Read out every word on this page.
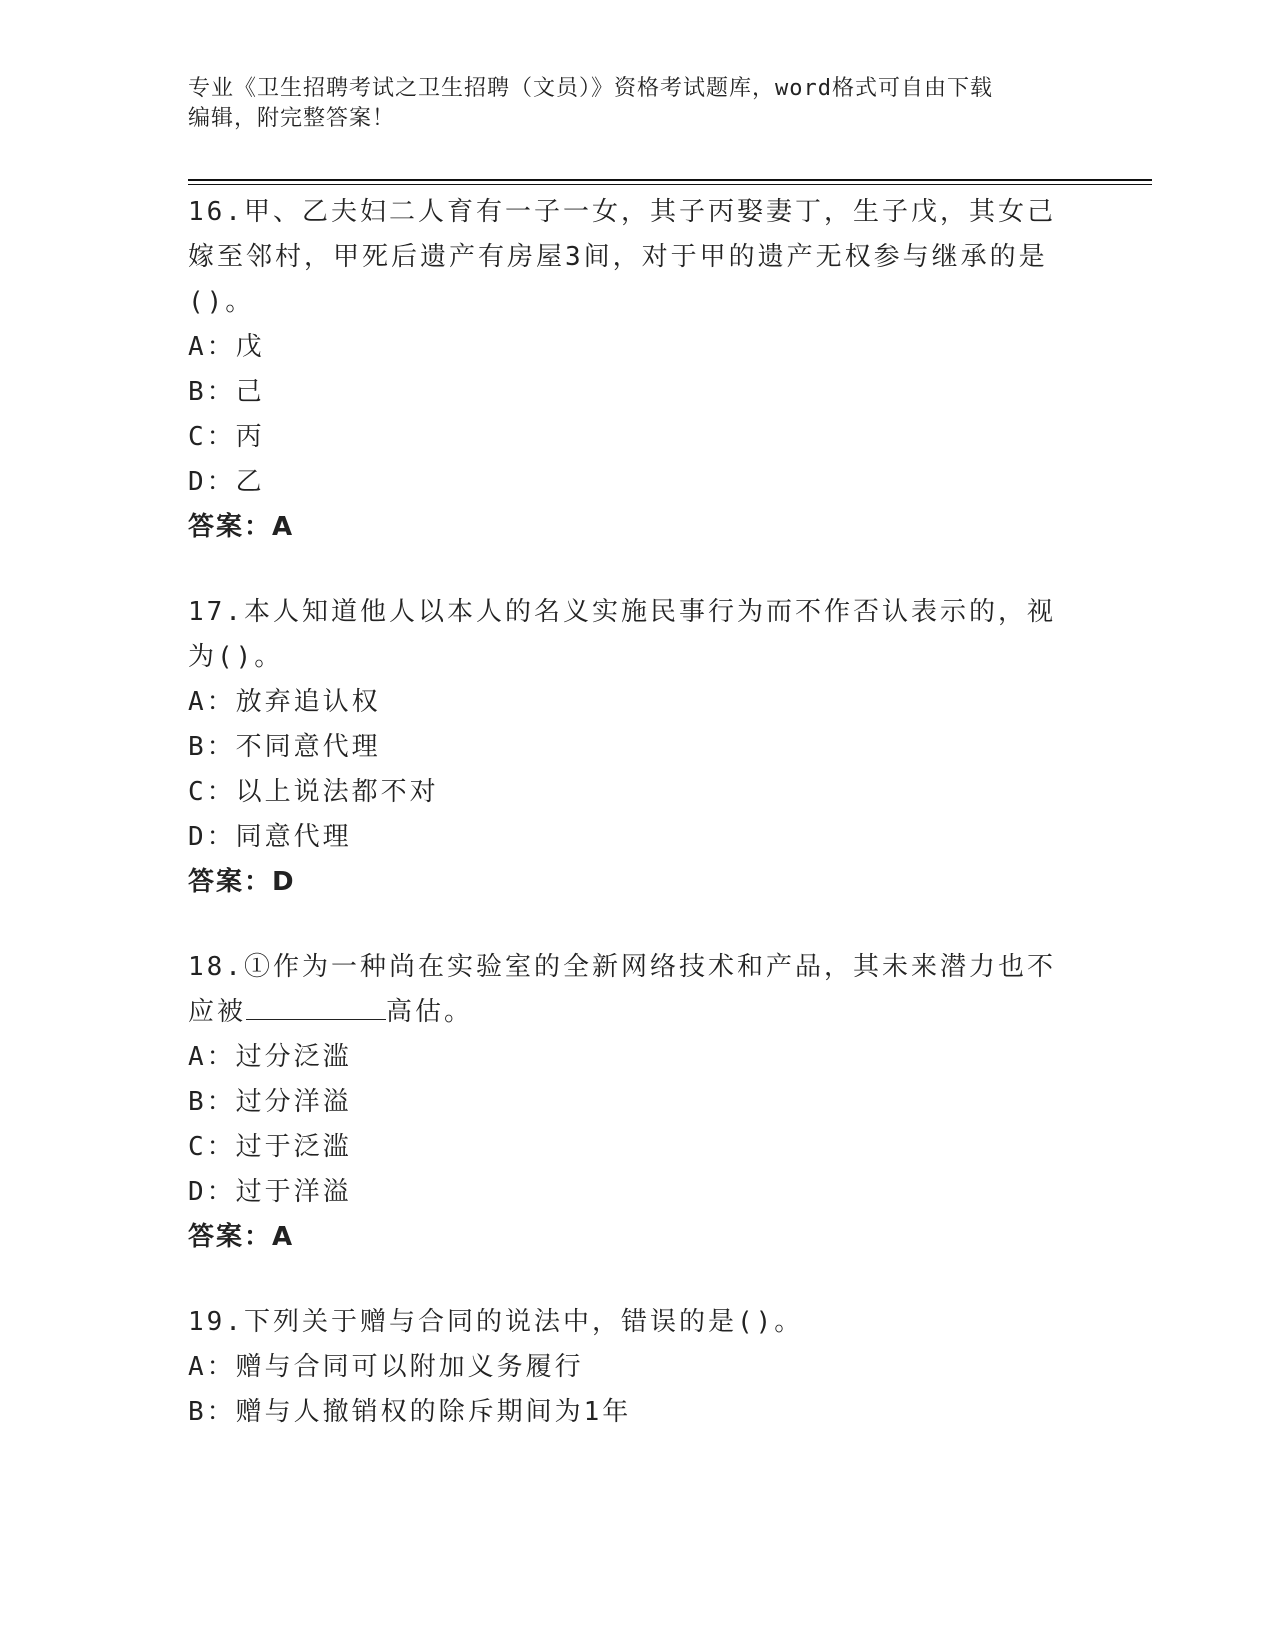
专业《卫生招聘考试之卫生招聘（文员）》资格考试题库，word格式可自由下载
编辑，附完整答案！

16.甲、乙夫妇二人育有一子一女，其子丙娶妻丁，生子戊，其女己嫁至邻村，甲死后遗产有房屋3间，对于甲的遗产无权参与继承的是()。

A：戊

B：己

C：丙

D：乙

答案：A

17.本人知道他人以本人的名义实施民事行为而不作否认表示的，视为()。

A：放弃追认权

B：不同意代理

C：以上说法都不对

D：同意代理

答案：D

18.①作为一种尚在实验室的全新网络技术和产品，其未来潜力也不应被	高估。

A：过分泛滥

B：过分洋溢

C：过于泛滥

D：过于洋溢

答案：A

19.下列关于赠与合同的说法中，错误的是()。

A：赠与合同可以附加义务履行

B：赠与人撤销权的除斥期间为1年
